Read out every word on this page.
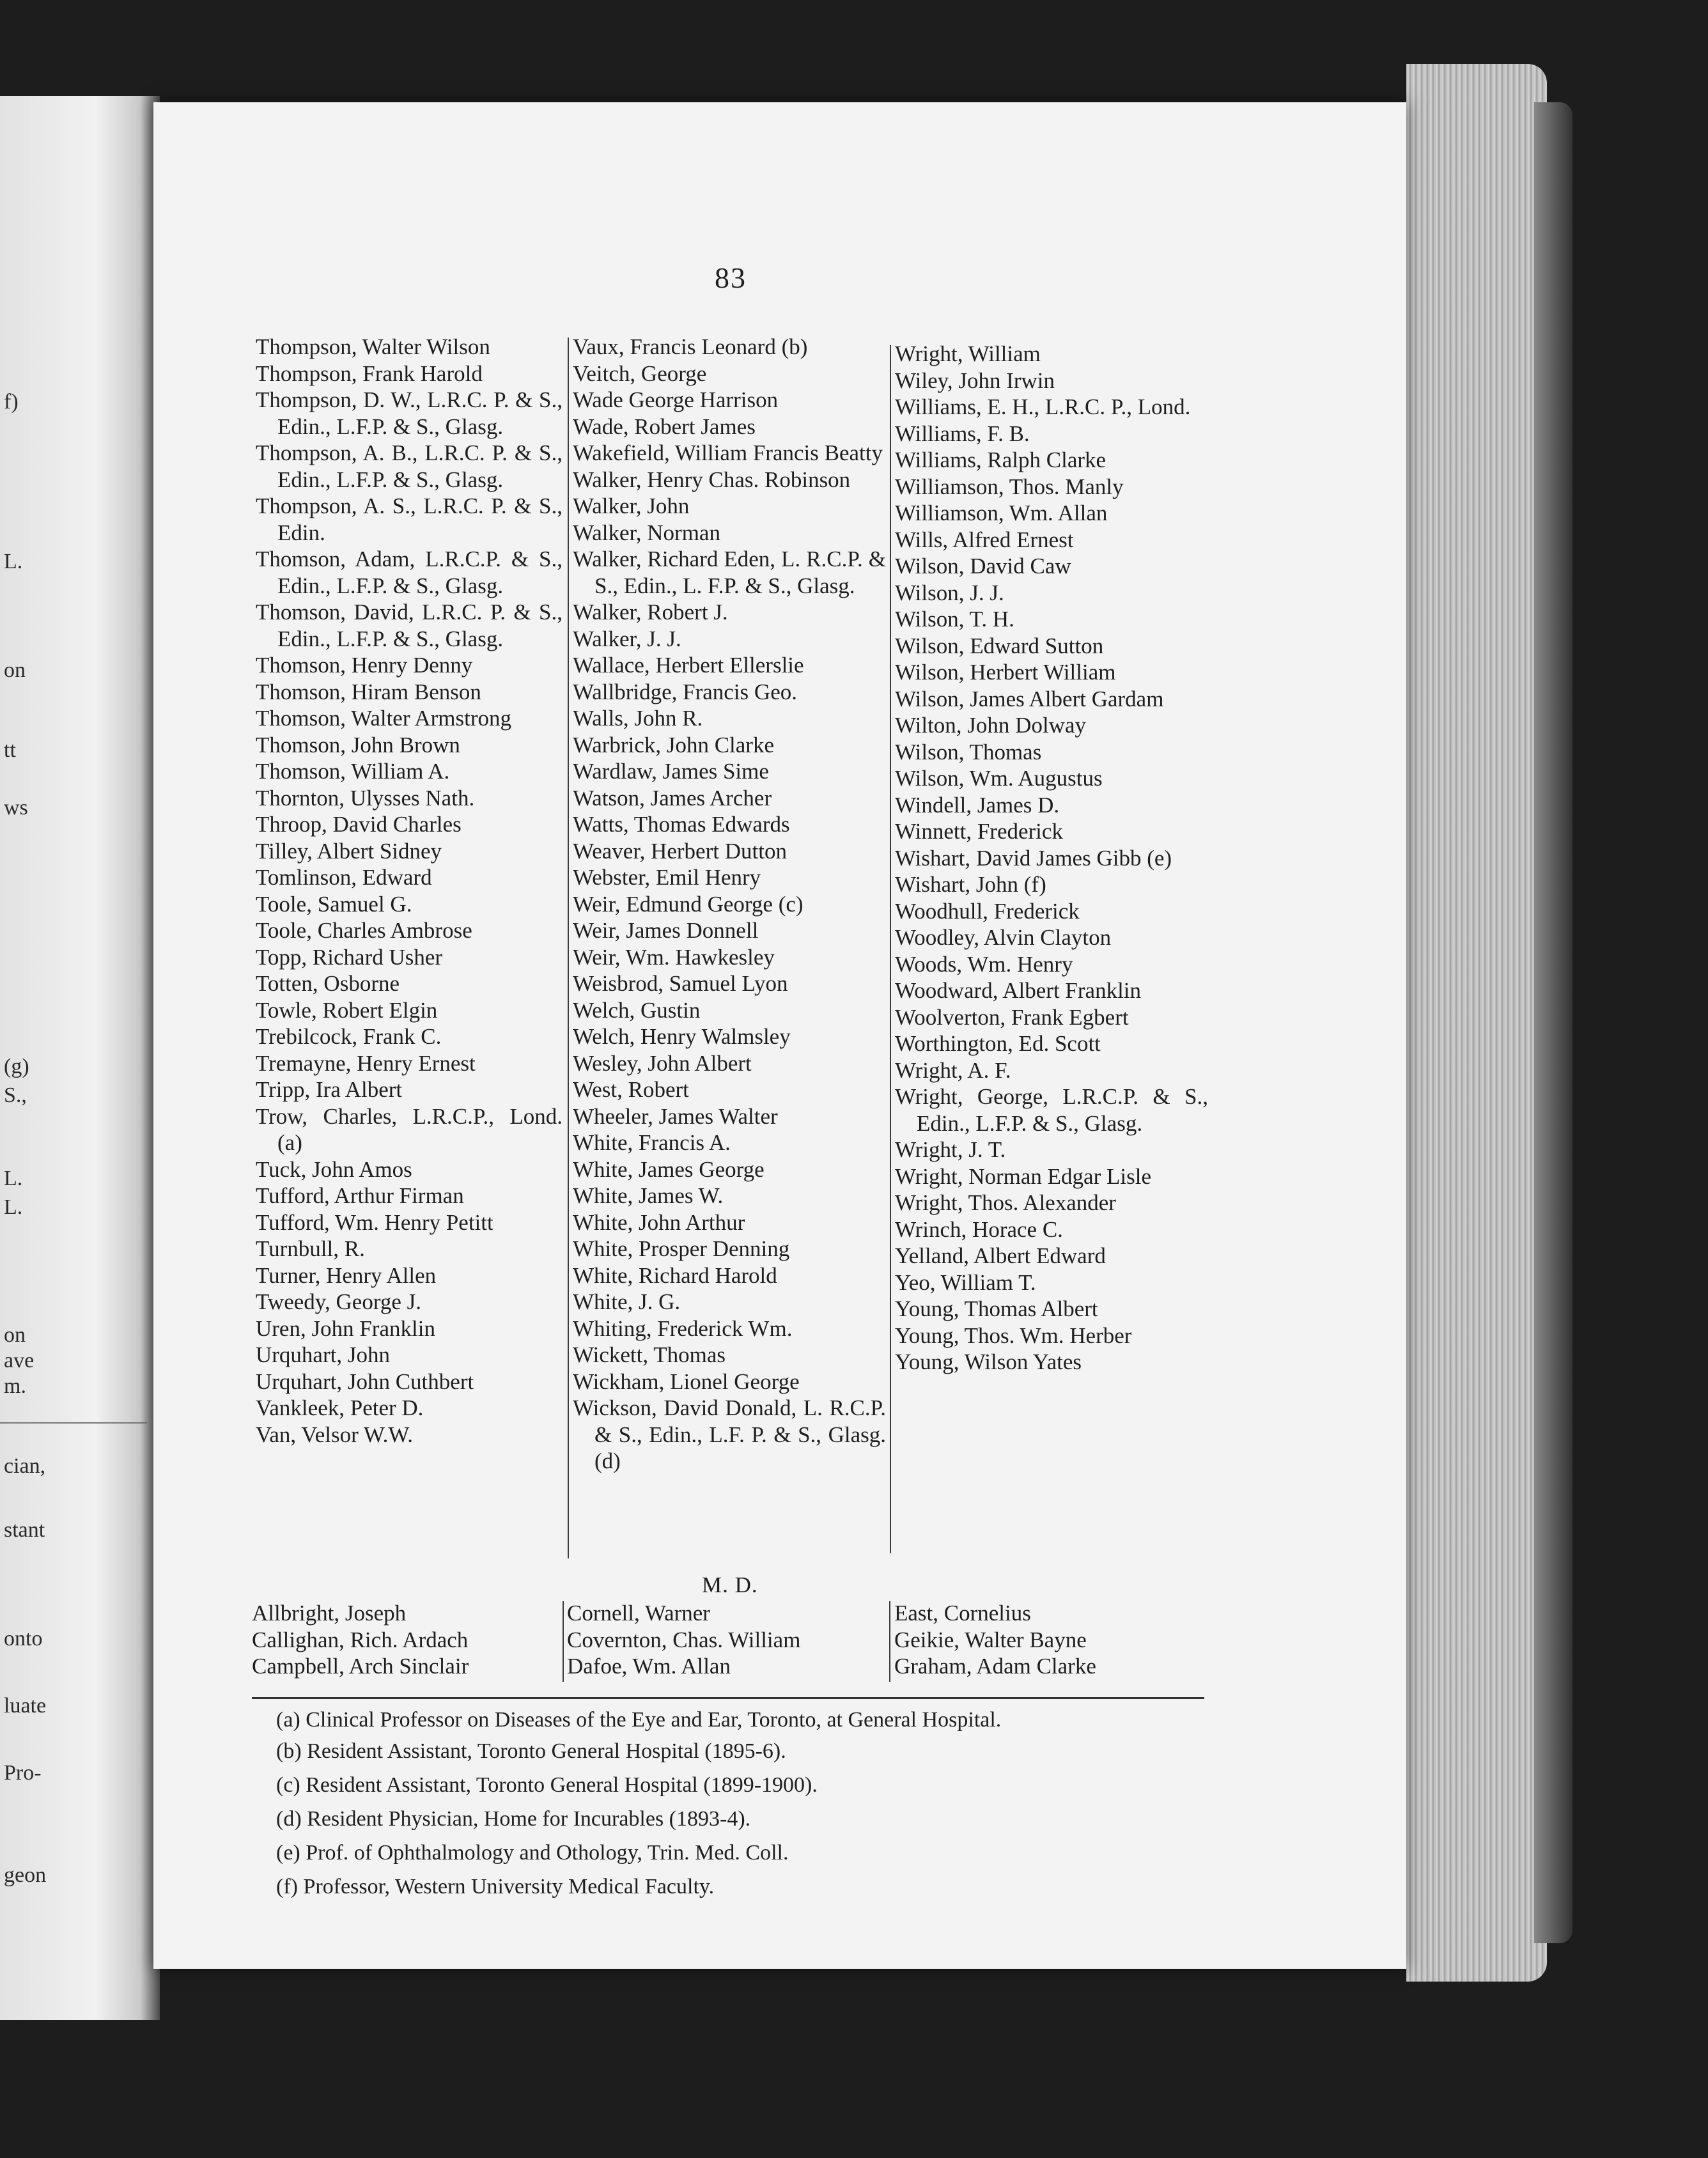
f)
L.
on
tt
ws
(g)
S.,
L.
L.
on
ave
m.
cian,
stant
onto
luate
Pro-
geon
83

Thompson, Walter Wilson

Thompson, Frank Harold

Thompson, D. W., L.R.C. P. & S., Edin., L.F.P. & S., Glasg.

Thompson, A. B., L.R.C. P. & S., Edin., L.F.P. & S., Glasg.

Thompson, A. S., L.R.C. P. & S., Edin.

Thomson, Adam, L.R.C.P. & S., Edin., L.F.P. & S., Glasg.

Thomson, David, L.R.C. P. & S., Edin., L.F.P. & S., Glasg.

Thomson, Henry Denny

Thomson, Hiram Benson

Thomson, Walter Armstrong

Thomson, John Brown

Thomson, William A.

Thornton, Ulysses Nath.

Throop, David Charles

Tilley, Albert Sidney

Tomlinson, Edward

Toole, Samuel G.

Toole, Charles Ambrose

Topp, Richard Usher

Totten, Osborne

Towle, Robert Elgin

Trebilcock, Frank C.

Tremayne, Henry Ernest

Tripp, Ira Albert

Trow, Charles, L.R.C.P., Lond. (a)

Tuck, John Amos

Tufford, Arthur Firman

Tufford, Wm. Henry Petitt

Turnbull, R.

Turner, Henry Allen

Tweedy, George J.

Uren, John Franklin

Urquhart, John

Urquhart, John Cuthbert

Vankleek, Peter D.

Van, Velsor W.W.

Vaux, Francis Leonard (b)

Veitch, George

Wade George Harrison

Wade, Robert James

Wakefield, William Francis Beatty

Walker, Henry Chas. Robinson

Walker, John

Walker, Norman

Walker, Richard Eden, L. R.C.P. & S., Edin., L. F.P. & S., Glasg.

Walker, Robert J.

Walker, J. J.

Wallace, Herbert Ellerslie

Wallbridge, Francis Geo.

Walls, John R.

Warbrick, John Clarke

Wardlaw, James Sime

Watson, James Archer

Watts, Thomas Edwards

Weaver, Herbert Dutton

Webster, Emil Henry

Weir, Edmund George (c)

Weir, James Donnell

Weir, Wm. Hawkesley

Weisbrod, Samuel Lyon

Welch, Gustin

Welch, Henry Walmsley

Wesley, John Albert

West, Robert

Wheeler, James Walter

White, Francis A.

White, James George

White, James W.

White, John Arthur

White, Prosper Denning

White, Richard Harold

White, J. G.

Whiting, Frederick Wm.

Wickett, Thomas

Wickham, Lionel George

Wickson, David Donald, L. R.C.P. & S., Edin., L.F. P. & S., Glasg. (d)

Wright, William

Wiley, John Irwin

Williams, E. H., L.R.C. P., Lond.

Williams, F. B.

Williams, Ralph Clarke

Williamson, Thos. Manly

Williamson, Wm. Allan

Wills, Alfred Ernest

Wilson, David Caw

Wilson, J. J.

Wilson, T. H.

Wilson, Edward Sutton

Wilson, Herbert William

Wilson, James Albert Gardam

Wilton, John Dolway

Wilson, Thomas

Wilson, Wm. Augustus

Windell, James D.

Winnett, Frederick

Wishart, David James Gibb (e)

Wishart, John (f)

Woodhull, Frederick

Woodley, Alvin Clayton

Woods, Wm. Henry

Woodward, Albert Franklin

Woolverton, Frank Egbert

Worthington, Ed. Scott

Wright, A. F.

Wright, George, L.R.C.P. & S., Edin., L.F.P. & S., Glasg.

Wright, J. T.

Wright, Norman Edgar Lisle

Wright, Thos. Alexander

Wrinch, Horace C.

Yelland, Albert Edward

Yeo, William T.

Young, Thomas Albert

Young, Thos. Wm. Herber

Young, Wilson Yates

M. D.
Allbright, Joseph
Callighan, Rich. Ardach
Campbell, Arch Sinclair
Cornell, Warner
Covernton, Chas. William
Dafoe, Wm. Allan
East, Cornelius
Geikie, Walter Bayne
Graham, Adam Clarke

(a) Clinical Professor on Diseases of the Eye and Ear, Toronto, at General Hospital.

(b) Resident Assistant, Toronto General Hospital (1895-6).

(c) Resident Assistant, Toronto General Hospital (1899-1900).

(d) Resident Physician, Home for Incurables (1893-4).

(e) Prof. of Ophthalmology and Othology, Trin. Med. Coll.

(f) Professor, Western University Medical Faculty.
